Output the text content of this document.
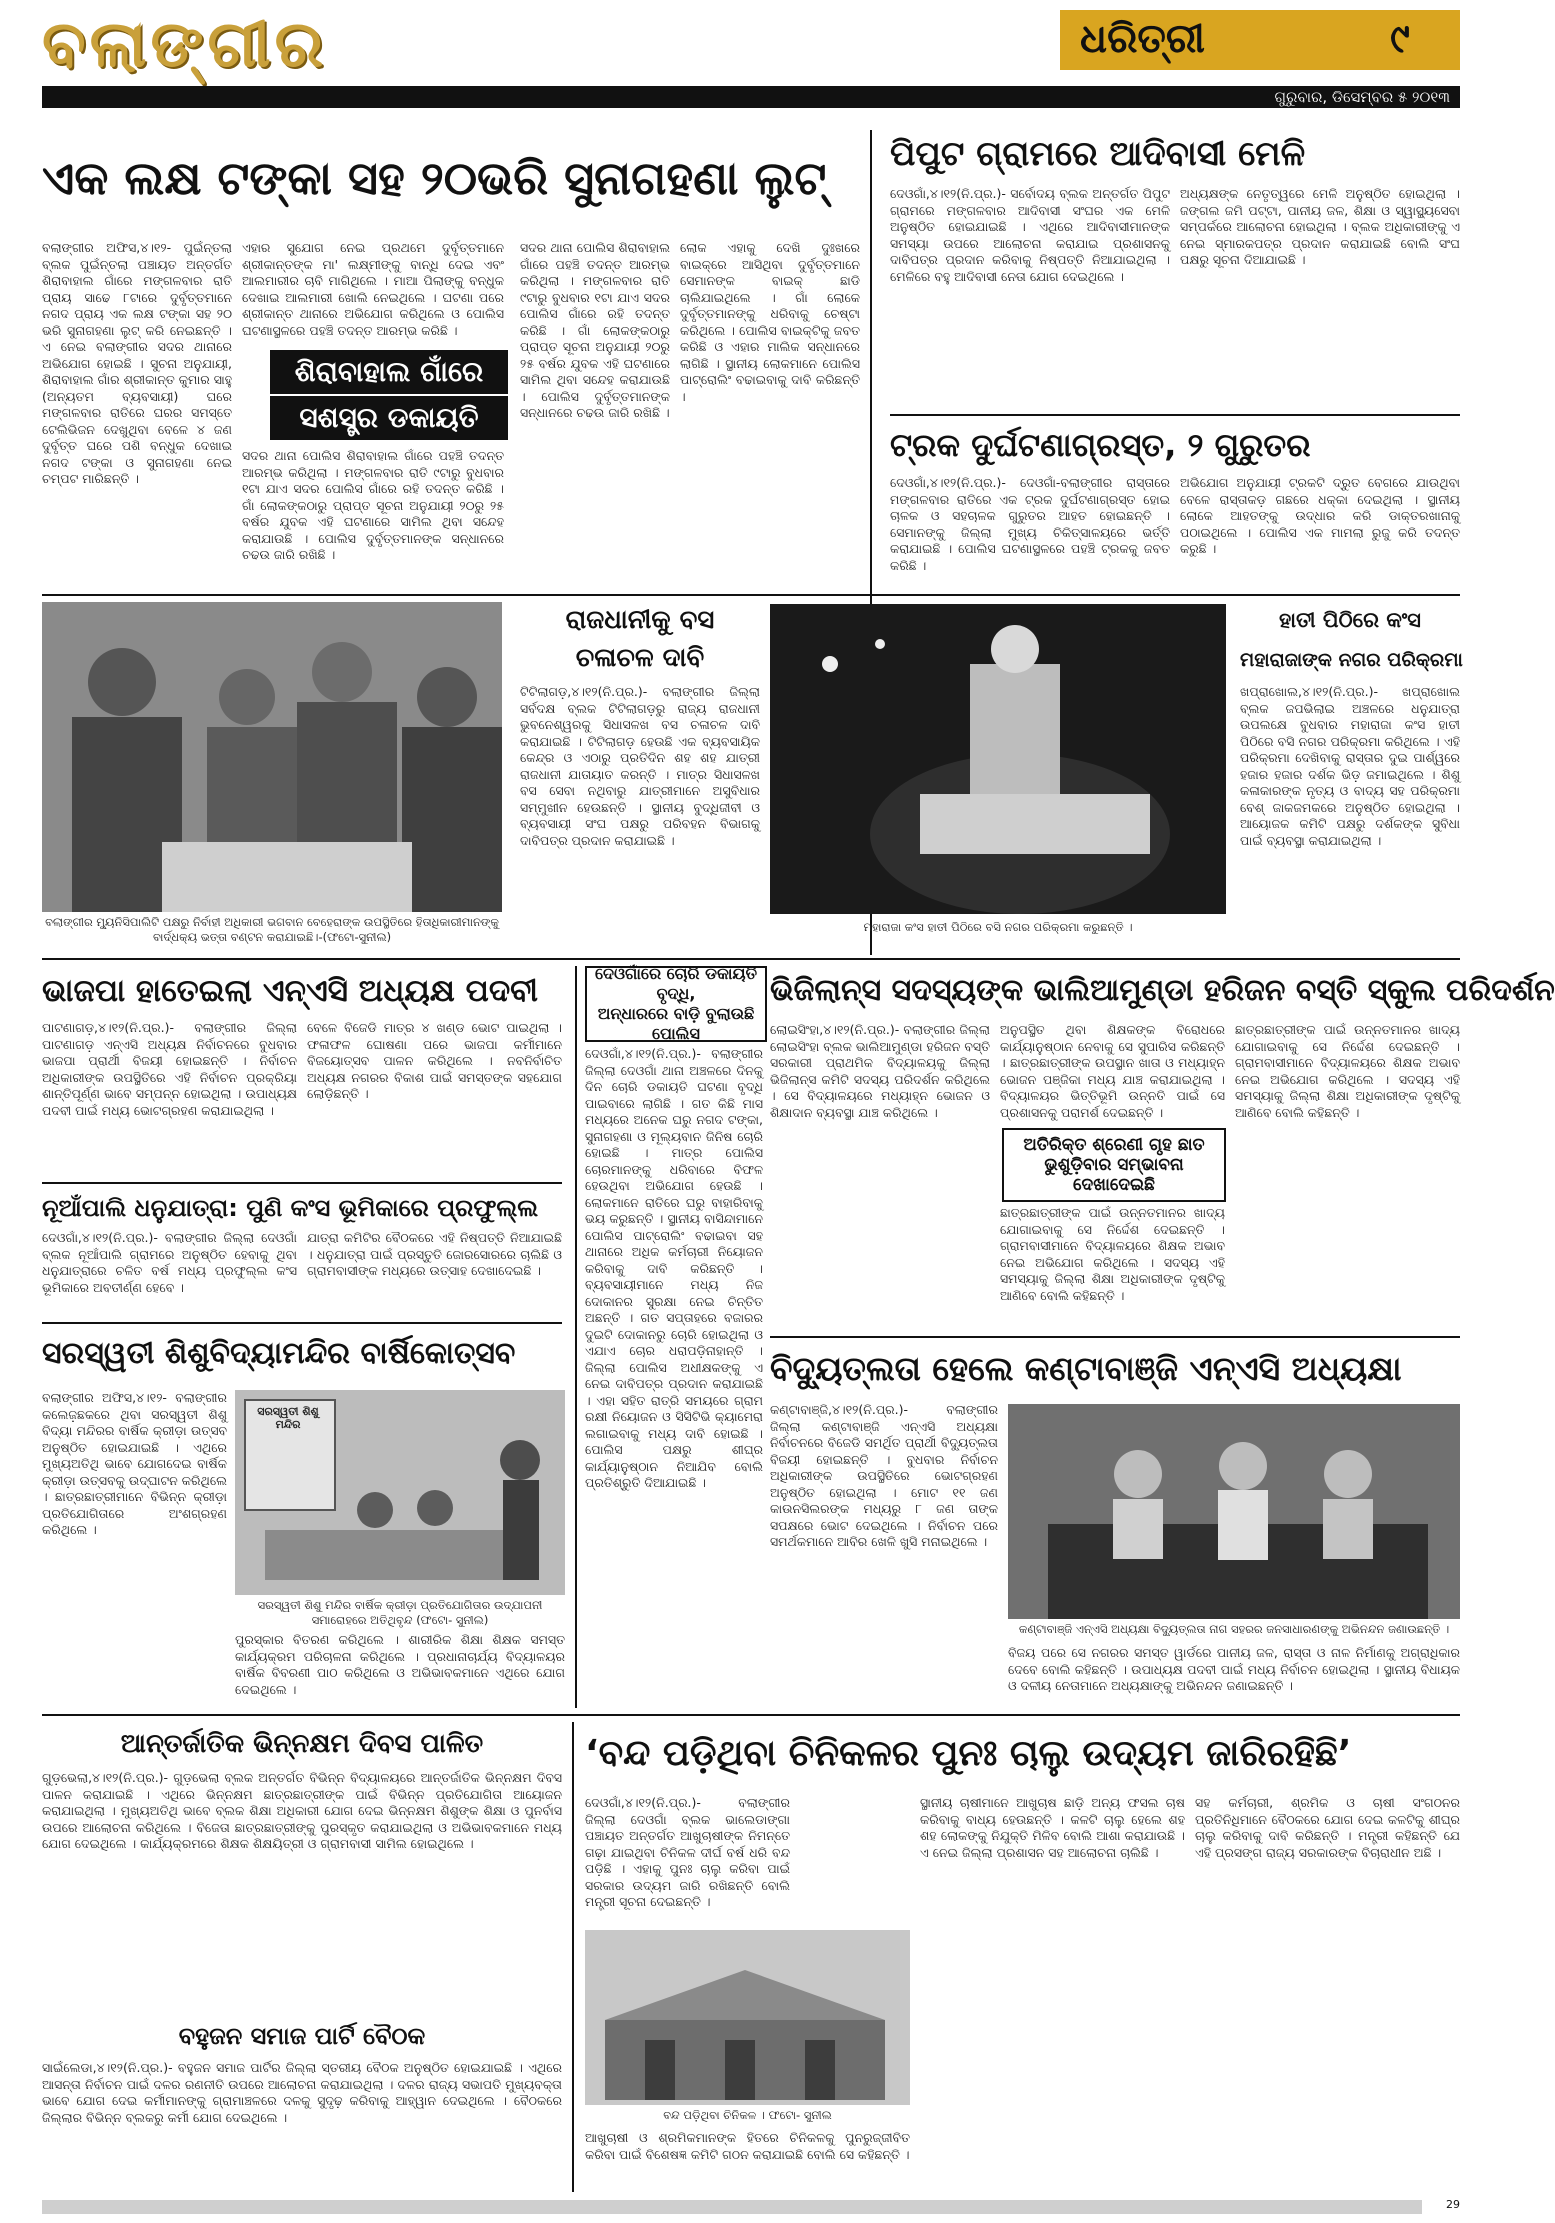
ବଲାଙ୍ଗୀର	ଧରିତ୍ରୀ	୯
ଗୁରୁବାର, ଡିସେମ୍ବର ୫ ୨୦୧୩
ଏକ ଲକ୍ଷ ଟଙ୍କା ସହ ୨୦ଭରି ସୁନାଗହଣା ଲୁଟ୍‌
ବଲାଙ୍ଗୀର ଅଫିସ,୪।୧୨- ପୁଇଁନ୍ତଲା ବ୍ଲକ ପୁଇଁନ୍ତଲା ପଞ୍ଚାୟତ ଅନ୍ତର୍ଗତ ଶିରାବାହାଲ ଗାଁରେ ମଙ୍ଗଳବାର ରାତି ପ୍ରାୟ ସାଢେ ୮ଟାରେ ଦୁର୍ବୃତ୍ତମାନେ ନଗଦ ପ୍ରାୟ ଏକ ଲକ୍ଷ ଟଙ୍କା ସହ ୨୦ ଭରି ସୁନାଗହଣା ଲୁଟ୍ କରି ନେଇଛନ୍ତି । ଏ ନେଇ ବଲାଙ୍ଗୀର ସଦର ଥାନାରେ ଅଭିଯୋଗ ହୋଇଛି । ସୁଚନା ଅନୁଯାୟୀ, ଶିରାବାହାଲ ଗାଁର ଶ୍ରୀକାନ୍ତ କୁମାର ସାହୁ (ଅନ୍ୟତମ ବ୍ୟବସାୟୀ) ଘରେ ମଙ୍ଗଳବାର ରାତିରେ ଘରର ସମସ୍ତେ ଟେଲିଭିଜନ ଦେଖୁଥିବା ବେଳେ ୪ ଜଣ ଦୁର୍ବୃତ୍ତ ଘରେ ପଶି ବନ୍ଧୁକ ଦେଖାଇ ନଗଦ ଟଙ୍କା ଓ ସୁନାଗହଣା ନେଇ ଚମ୍ପଟ ମାରିଛନ୍ତି ।
ଏହାର ସୁଯୋଗ ନେଇ ପ୍ରଥମେ ଦୁର୍ବୃତ୍ତମାନେ ଶ୍ରୀକାନ୍ତଙ୍କ ମା' ଲକ୍ଷ୍ମୀଙ୍କୁ ବାନ୍ଧି ଦେଇ ଏବଂ ଆଲମାରୀର ଚାବି ମାଗିଥିଲେ । ମାଆ ପିଲାଙ୍କୁ ବନ୍ଧୁକ ଦେଖାଇ ଆଲମାରୀ ଖୋଲି ନେଇଥିଲେ । ଘଟଣା ପରେ ଶ୍ରୀକାନ୍ତ ଥାନାରେ ଅଭିଯୋଗ କରିଥିଲେ ଓ ପୋଲିସ ଘଟଣାସ୍ଥଳରେ ପହଞ୍ଚି ତଦନ୍ତ ଆରମ୍ଭ କରିଛି ।
ଶିରାବାହାଲ ଗାଁରେ
ସଶସ୍ତ୍ର ଡକାୟତି
ସଦର ଥାନା ପୋଲିସ ଶିରାବାହାଲ ଗାଁରେ ପହଞ୍ଚି ତଦନ୍ତ ଆରମ୍ଭ କରିଥିଲା । ମଙ୍ଗଳବାର ରାତି ୯ଟାରୁ ବୁଧବାର ୧ଟା ଯାଏ ସଦର ପୋଲିସ ଗାଁରେ ରହି ତଦନ୍ତ କରିଛି । ଗାଁ ଲୋକଙ୍କଠାରୁ ପ୍ରାପ୍ତ ସୂଚନା ଅନୁଯାୟୀ ୨୦ରୁ ୨୫ ବର୍ଷର ଯୁବକ ଏହି ଘଟଣାରେ ସାମିଲ ଥିବା ସନ୍ଦେହ କରାଯାଉଛି । ପୋଲିସ ଦୁର୍ବୃତ୍ତମାନଙ୍କ ସନ୍ଧାନରେ ଚଢଉ ଜାରି ରଖିଛି ।
ସଦର ଥାନା ପୋଲିସ ଶିରାବାହାଲ ଗାଁରେ ପହଞ୍ଚି ତଦନ୍ତ ଆରମ୍ଭ କରିଥିଲା । ମଙ୍ଗଳବାର ରାତି ୯ଟାରୁ ବୁଧବାର ୧ଟା ଯାଏ ସଦର ପୋଲିସ ଗାଁରେ ରହି ତଦନ୍ତ କରିଛି । ଗାଁ ଲୋକଙ୍କଠାରୁ ପ୍ରାପ୍ତ ସୂଚନା ଅନୁଯାୟୀ ୨୦ରୁ ୨୫ ବର୍ଷର ଯୁବକ ଏହି ଘଟଣାରେ ସାମିଲ ଥିବା ସନ୍ଦେହ କରାଯାଉଛି । ପୋଲିସ ଦୁର୍ବୃତ୍ତମାନଙ୍କ ସନ୍ଧାନରେ ଚଢଉ ଜାରି ରଖିଛି ।
ଲୋକ ଏହାକୁ ଦେଖି ଦୁଃଖରେ ବାଇକ୍‌ରେ ଆସିଥିବା ଦୁର୍ବୃତ୍ତମାନେ ସେମାନଙ୍କ ବାଇକ୍ ଛାଡି ଚାଲିଯାଇଥିଲେ । ଗାଁ ଲୋକେ ଦୁର୍ବୃତ୍ତମାନଙ୍କୁ ଧରିବାକୁ ଚେଷ୍ଟା କରିଥିଲେ । ପୋଲିସ ବାଇକ୍‌ଟିକୁ ଜବତ କରିଛି ଓ ଏହାର ମାଲିକ ସନ୍ଧାନରେ ଲାଗିଛି । ସ୍ଥାନୀୟ ଲୋକମାନେ ପୋଲିସ ପାଟ୍ରୋଲିଂ ବଢାଇବାକୁ ଦାବି କରିଛନ୍ତି ।
ପିପୁଟ ଗ୍ରାମରେ ଆଦିବାସୀ ମେଳି
ଦେଓଗାଁ,୪।୧୨(ନି.ପ୍ର.)- ସର୍ବୋଦୟ ବ୍ଲକ ଅନ୍ତର୍ଗତ ପିପୁଟ ଗ୍ରାମରେ ମଙ୍ଗଳବାର ଆଦିବାସୀ ସଂଘର ଏକ ମେଳି ଅନୁଷ୍ଠିତ ହୋଇଯାଇଛି । ଏଥିରେ ଆଦିବାସୀମାନଙ୍କ ସମସ୍ୟା ଉପରେ ଆଲୋଚନା କରାଯାଇ ପ୍ରଶାସନକୁ ଦାବିପତ୍ର ପ୍ରଦାନ କରିବାକୁ ନିଷ୍ପତ୍ତି ନିଆଯାଇଥିଲା । ମେଳିରେ ବହୁ ଆଦିବାସୀ ନେତା ଯୋଗ ଦେଇଥିଲେ ।
ଅଧ୍ୟକ୍ଷଙ୍କ ନେତୃତ୍ୱରେ ମେଳି ଅନୁଷ୍ଠିତ ହୋଇଥିଲା । ଜଙ୍ଗଲ ଜମି ପଟ୍ଟା, ପାନୀୟ ଜଳ, ଶିକ୍ଷା ଓ ସ୍ୱାସ୍ଥ୍ୟସେବା ସମ୍ପର୍କରେ ଆଲୋଚନା ହୋଇଥିଲା । ବ୍ଲକ ଅଧିକାରୀଙ୍କୁ ଏ ନେଇ ସ୍ମାରକପତ୍ର ପ୍ରଦାନ କରାଯାଇଛି ବୋଲି ସଂଘ ପକ୍ଷରୁ ସୂଚନା ଦିଆଯାଇଛି ।
ଟ୍ରକ ଦୁର୍ଘଟଣାଗ୍ରସ୍ତ, ୨ ଗୁରୁତର
ଦେଓଗାଁ,୪।୧୨(ନି.ପ୍ର.)- ଦେଓଗାଁ-ବଲାଙ୍ଗୀର ରାସ୍ତାରେ ମଙ୍ଗଳବାର ରାତିରେ ଏକ ଟ୍ରକ ଦୁର୍ଘଟଣାଗ୍ରସ୍ତ ହୋଇ ଚାଳକ ଓ ସହଚାଳକ ଗୁରୁତର ଆହତ ହୋଇଛନ୍ତି । ସେମାନଙ୍କୁ ଜିଲ୍ଲା ମୁଖ୍ୟ ଚିକିତ୍ସାଳୟରେ ଭର୍ତ୍ତି କରାଯାଇଛି । ପୋଲିସ ଘଟଣାସ୍ଥଳରେ ପହଞ୍ଚି ଟ୍ରକକୁ ଜବତ କରିଛି ।
ଅଭିଯୋଗ ଅନୁଯାୟୀ ଟ୍ରକଟି ଦ୍ରୁତ ବେଗରେ ଯାଉଥିବା ବେଳେ ରାସ୍ତାକଡ଼ ଗଛରେ ଧକ୍କା ଦେଇଥିଲା । ସ୍ଥାନୀୟ ଲୋକେ ଆହତଙ୍କୁ ଉଦ୍ଧାର କରି ଡାକ୍ତରଖାନାକୁ ପଠାଇଥିଲେ । ପୋଲିସ ଏକ ମାମଲା ରୁଜୁ କରି ତଦନ୍ତ କରୁଛି ।
ବଲାଙ୍ଗୀର ମ୍ୟୁନିସିପାଲିଟି ପକ୍ଷରୁ ନିର୍ବାହୀ ଅଧିକାରୀ ଭଗବାନ ବେହେରାଙ୍କ ଉପସ୍ଥିତିରେ ହିତାଧିକାରୀମାନଙ୍କୁ ବାର୍ଦ୍ଧକ୍ୟ ଭତ୍ତା ବଣ୍ଟନ କରାଯାଇଛି।-(ଫଟୋ-ସୁନୀଲ)
ରାଜଧାନୀକୁ ବସ
ଚଳାଚଳ ଦାବି
ଟିଟିଲାଗଡ଼,୪।୧୨(ନି.ପ୍ର.)- ବଲାଙ୍ଗୀର ଜିଲ୍ଲା ସର୍ବଦକ୍ଷ ବ୍ଲକ ଟିଟିଲାଗଡ଼ରୁ ରାଜ୍ୟ ରାଜଧାନୀ ଭୁବନେଶ୍ୱରକୁ ସିଧାସଳଖ ବସ ଚଳାଚଳ ଦାବି କରାଯାଇଛି । ଟିଟିଲାଗଡ଼ ହେଉଛି ଏକ ବ୍ୟବସାୟିକ କେନ୍ଦ୍ର ଓ ଏଠାରୁ ପ୍ରତିଦିନ ଶହ ଶହ ଯାତ୍ରୀ ରାଜଧାନୀ ଯାତାୟାତ କରନ୍ତି । ମାତ୍ର ସିଧାସଳଖ ବସ ସେବା ନଥିବାରୁ ଯାତ୍ରୀମାନେ ଅସୁବିଧାର ସମ୍ମୁଖୀନ ହେଉଛନ୍ତି । ସ୍ଥାନୀୟ ବୁଦ୍ଧିଜୀବୀ ଓ ବ୍ୟବସାୟୀ ସଂଘ ପକ୍ଷରୁ ପରିବହନ ବିଭାଗକୁ ଦାବିପତ୍ର ପ୍ରଦାନ କରାଯାଇଛି ।
ମହାରାଜା କଂସ ହାତୀ ପିଠିରେ ବସି ନଗର ପରିକ୍ରମା କରୁଛନ୍ତି ।
ହାତୀ ପିଠିରେ କଂସ
ମହାରାଜାଙ୍କ ନଗର ପରିକ୍ରମା
ଖପ୍ରାଖୋଲ,୪।୧୨(ନି.ପ୍ର.)- ଖପ୍ରାଖୋଲ ବ୍ଲକ ଜପଭିଲାଇ ଅଞ୍ଚଳରେ ଧନୁଯାତ୍ରା ଉପଲକ୍ଷେ ବୁଧବାର ମହାରାଜା କଂସ ହାତୀ ପିଠିରେ ବସି ନଗର ପରିକ୍ରମା କରିଥିଲେ । ଏହି ପରିକ୍ରମା ଦେଖିବାକୁ ରାସ୍ତାର ଦୁଇ ପାର୍ଶ୍ୱରେ ହଜାର ହଜାର ଦର୍ଶକ ଭିଡ଼ ଜମାଇଥିଲେ । ଶିଶୁ କଳାକାରଙ୍କ ନୃତ୍ୟ ଓ ବାଦ୍ୟ ସହ ପରିକ୍ରମା ବେଶ୍ ଜାକଜମକରେ ଅନୁଷ୍ଠିତ ହୋଇଥିଲା । ଆୟୋଜକ କମିଟି ପକ୍ଷରୁ ଦର୍ଶକଙ୍କ ସୁବିଧା ପାଇଁ ବ୍ୟବସ୍ଥା କରାଯାଇଥିଲା ।
ଭାଜପା ହାତେଇଲା ଏନ୍‌ଏସି ଅଧ୍ୟକ୍ଷ ପଦବୀ
ପାଟଣାଗଡ଼,୪।୧୨(ନି.ପ୍ର.)- ବଲାଙ୍ଗୀର ଜିଲ୍ଲା ପାଟଣାଗଡ଼ ଏନ୍‌ଏସି ଅଧ୍ୟକ୍ଷ ନିର୍ବାଚନରେ ବୁଧବାର ଭାଜପା ପ୍ରାର୍ଥୀ ବିଜୟୀ ହୋଇଛନ୍ତି । ନିର୍ବାଚନ ଅଧିକାରୀଙ୍କ ଉପସ୍ଥିତିରେ ଏହି ନିର୍ବାଚନ ପ୍ରକ୍ରିୟା ଶାନ୍ତିପୂର୍ଣ୍ଣ ଭାବେ ସମ୍ପନ୍ନ ହୋଇଥିଲା । ଉପାଧ୍ୟକ୍ଷ ପଦବୀ ପାଇଁ ମଧ୍ୟ ଭୋଟଗ୍ରହଣ କରାଯାଇଥିଲା ।
ବେଳେ ବିଜେଡି ମାତ୍ର ୪ ଖଣ୍ଡ ଭୋଟ ପାଇଥିଲା । ଫଳାଫଳ ଘୋଷଣା ପରେ ଭାଜପା କର୍ମୀମାନେ ବିଜୟୋତ୍ସବ ପାଳନ କରିଥିଲେ । ନବନିର୍ବାଚିତ ଅଧ୍ୟକ୍ଷ ନଗରର ବିକାଶ ପାଇଁ ସମସ୍ତଙ୍କ ସହଯୋଗ ଲୋଡ଼ିଛନ୍ତି ।
ନୂଆଁପାଲି ଧନୁଯାତ୍ରା: ପୁଣି କଂସ ଭୂମିକାରେ ପ୍ରଫୁଲ୍ଲ
ଦେଓଗାଁ,୪।୧୨(ନି.ପ୍ର.)- ବଲାଙ୍ଗୀର ଜିଲ୍ଲା ଦେଓଗାଁ ବ୍ଲକ ନୂଆଁପାଲି ଗ୍ରାମରେ ଅନୁଷ୍ଠିତ ହେବାକୁ ଥିବା ଧନୁଯାତ୍ରାରେ ଚଳିତ ବର୍ଷ ମଧ୍ୟ ପ୍ରଫୁଲ୍ଲ କଂସ ଭୂମିକାରେ ଅବତୀର୍ଣ୍ଣ ହେବେ ।
ଯାତ୍ରା କମିଟିର ବୈଠକରେ ଏହି ନିଷ୍ପତ୍ତି ନିଆଯାଇଛି । ଧନୁଯାତ୍ରା ପାଇଁ ପ୍ରସ୍ତୁତି ଜୋରସୋରରେ ଚାଲିଛି ଓ ଗ୍ରାମବାସୀଙ୍କ ମଧ୍ୟରେ ଉତ୍ସାହ ଦେଖାଦେଇଛି ।
ସରସ୍ୱତୀ ଶିଶୁବିଦ୍ୟାମନ୍ଦିର ବାର୍ଷିକୋତ୍ସବ
ବଲାଙ୍ଗୀର ଅଫିସ,୪।୧୨- ବଲାଙ୍ଗୀର କଲେଜ଼ଛକରେ ଥିବା ସରସ୍ୱତୀ ଶିଶୁ ବିଦ୍ୟା ମନ୍ଦିରର ବାର୍ଷିକ କ୍ରୀଡ଼ା ଉତ୍ସବ ଅନୁଷ୍ଠିତ ହୋଇଯାଇଛି । ଏଥିରେ ମୁଖ୍ୟଅତିଥି ଭାବେ ଯୋଗଦେଇ ବାର୍ଷିକ କ୍ରୀଡ଼ା ଉତ୍ସବକୁ ଉଦ୍‌ଘାଟନ କରିଥିଲେ । ଛାତ୍ରଛାତ୍ରୀମାନେ ବିଭିନ୍ନ କ୍ରୀଡ଼ା ପ୍ରତିଯୋଗିତାରେ ଅଂଶଗ୍ରହଣ କରିଥିଲେ ।
ସରସ୍ୱତୀ ଶିଶୁ ମନ୍ଦିର
ସରସ୍ୱତୀ ଶିଶୁ ମନ୍ଦିର ବାର୍ଷିକ କ୍ରୀଡ଼ା ପ୍ରତିଯୋଗିତାର ଉଦ୍‌ଯାପନୀ ସମାରୋହରେ ଅତିଥିବୃନ୍ଦ (ଫଟୋ- ସୁନୀଲ)
ପୁରସ୍କାର ବିତରଣ କରିଥିଲେ । ଶାରୀରିକ ଶିକ୍ଷା ଶିକ୍ଷକ ସମସ୍ତ କାର୍ଯ୍ୟକ୍ରମ ପରିଚାଳନା କରିଥିଲେ । ପ୍ରଧାନାଚାର୍ଯ୍ୟ ବିଦ୍ୟାଳୟର ବାର୍ଷିକ ବିବରଣୀ ପାଠ କରିଥିଲେ ଓ ଅଭିଭାବକମାନେ ଏଥିରେ ଯୋଗ ଦେଇଥିଲେ ।
ଦେଓଗାଁରେ ଚୋରି ଡକାୟତି ବୃଦ୍ଧି,
ଅନ୍ଧାରରେ ବାଡ଼ି ବୁଲାଉଛି ପୋଲିସ
ଦେଓଗାଁ,୪।୧୨(ନି.ପ୍ର.)- ବଲାଙ୍ଗୀର ଜିଲ୍ଲା ଦେଓଗାଁ ଥାନା ଅଞ୍ଚଳରେ ଦିନକୁ ଦିନ ଚୋରି ଡକାୟତି ଘଟଣା ବୃଦ୍ଧି ପାଇବାରେ ଲାଗିଛି । ଗତ କିଛି ମାସ ମଧ୍ୟରେ ଅନେକ ଘରୁ ନଗଦ ଟଙ୍କା, ସୁନାଗହଣା ଓ ମୂଲ୍ୟବାନ ଜିନିଷ ଚୋରି ହୋଇଛି । ମାତ୍ର ପୋଲିସ ଚୋରମାନଙ୍କୁ ଧରିବାରେ ବିଫଳ ହେଉଥିବା ଅଭିଯୋଗ ହେଉଛି । ଲୋକମାନେ ରାତିରେ ଘରୁ ବାହାରିବାକୁ ଭୟ କରୁଛନ୍ତି । ସ୍ଥାନୀୟ ବାସିନ୍ଦାମାନେ ପୋଲିସ ପାଟ୍ରୋଲିଂ ବଢାଇବା ସହ ଥାନାରେ ଅଧିକ କର୍ମଚାରୀ ନିୟୋଜନ କରିବାକୁ ଦାବି କରିଛନ୍ତି । ବ୍ୟବସାୟୀମାନେ ମଧ୍ୟ ନିଜ ଦୋକାନର ସୁରକ୍ଷା ନେଇ ଚିନ୍ତିତ ଅଛନ୍ତି । ଗତ ସପ୍ତାହରେ ବଜାରର ଦୁଇଟି ଦୋକାନରୁ ଚୋରି ହୋଇଥିଲା ଓ ଏଯାଏ ଚୋର ଧରାପଡ଼ିନାହାନ୍ତି । ଜିଲ୍ଲା ପୋଲିସ ଅଧୀକ୍ଷକଙ୍କୁ ଏ ନେଇ ଦାବିପତ୍ର ପ୍ରଦାନ କରାଯାଇଛି । ଏହା ସହିତ ରାତ୍ରି ସମୟରେ ଗ୍ରାମ ରକ୍ଷୀ ନିୟୋଜନ ଓ ସିସିଟିଭି କ୍ୟାମେରା ଲଗାଇବାକୁ ମଧ୍ୟ ଦାବି ହୋଇଛି । ପୋଲିସ ପକ୍ଷରୁ ଶୀଘ୍ର କାର୍ଯ୍ୟାନୁଷ୍ଠାନ ନିଆଯିବ ବୋଲି ପ୍ରତିଶ୍ରୁତି ଦିଆଯାଇଛି ।
ଭିଜିଲାନ୍ସ ସଦସ୍ୟଙ୍କ ଭାଲିଆମୁଣ୍ଡା ହରିଜନ ବସ୍ତି ସ୍କୁଲ ପରିଦର୍ଶନ
ଲୋଇସିଂହା,୪।୧୨(ନି.ପ୍ର.)- ବଲାଙ୍ଗୀର ଜିଲ୍ଲା ଲୋଇସିଂହା ବ୍ଲକ ଭାଲିଆମୁଣ୍ଡା ହରିଜନ ବସ୍ତି ସରକାରୀ ପ୍ରାଥମିକ ବିଦ୍ୟାଳୟକୁ ଜିଲ୍ଲା ଭିଜିଲାନ୍ସ କମିଟି ସଦସ୍ୟ ପରିଦର୍ଶନ କରିଥିଲେ । ସେ ବିଦ୍ୟାଳୟରେ ମଧ୍ୟାହ୍ନ ଭୋଜନ ଓ ଶିକ୍ଷାଦାନ ବ୍ୟବସ୍ଥା ଯାଞ୍ଚ କରିଥିଲେ ।
ଅନୁପସ୍ଥିତ ଥିବା ଶିକ୍ଷକଙ୍କ ବିରୋଧରେ କାର୍ଯ୍ୟାନୁଷ୍ଠାନ ନେବାକୁ ସେ ସୁପାରିସ କରିଛନ୍ତି । ଛାତ୍ରଛାତ୍ରୀଙ୍କ ଉପସ୍ଥାନ ଖାତା ଓ ମଧ୍ୟାହ୍ନ ଭୋଜନ ପଞ୍ଜିକା ମଧ୍ୟ ଯାଞ୍ଚ କରାଯାଇଥିଲା । ବିଦ୍ୟାଳୟର ଭିତ୍ତିଭୂମି ଉନ୍ନତି ପାଇଁ ସେ ପ୍ରଶାସନକୁ ପରାମର୍ଶ ଦେଇଛନ୍ତି ।
ଅତିରିକ୍ତ ଶ୍ରେଣୀ ଗୃହ ଛାତ
ଭୁଶୁଡ଼ିବାର ସମ୍ଭାବନା ଦେଖାଦେଇଛି
ଛାତ୍ରଛାତ୍ରୀଙ୍କ ପାଇଁ ଉନ୍ନତମାନର ଖାଦ୍ୟ ଯୋଗାଇବାକୁ ସେ ନିର୍ଦ୍ଦେଶ ଦେଇଛନ୍ତି । ଗ୍ରାମବାସୀମାନେ ବିଦ୍ୟାଳୟରେ ଶିକ୍ଷକ ଅଭାବ ନେଇ ଅଭିଯୋଗ କରିଥିଲେ । ସଦସ୍ୟ ଏହି ସମସ୍ୟାକୁ ଜିଲ୍ଲା ଶିକ୍ଷା ଅଧିକାରୀଙ୍କ ଦୃଷ୍ଟିକୁ ଆଣିବେ ବୋଲି କହିଛନ୍ତି ।
ଛାତ୍ରଛାତ୍ରୀଙ୍କ ପାଇଁ ଉନ୍ନତମାନର ଖାଦ୍ୟ ଯୋଗାଇବାକୁ ସେ ନିର୍ଦ୍ଦେଶ ଦେଇଛନ୍ତି । ଗ୍ରାମବାସୀମାନେ ବିଦ୍ୟାଳୟରେ ଶିକ୍ଷକ ଅଭାବ ନେଇ ଅଭିଯୋଗ କରିଥିଲେ । ସଦସ୍ୟ ଏହି ସମସ୍ୟାକୁ ଜିଲ୍ଲା ଶିକ୍ଷା ଅଧିକାରୀଙ୍କ ଦୃଷ୍ଟିକୁ ଆଣିବେ ବୋଲି କହିଛନ୍ତି ।
ବିଦ୍ୟୁତ୍‌ଲତା ହେଲେ କଣ୍ଟାବାଞ୍ଜି ଏନ୍‌ଏସି ଅଧ୍ୟକ୍ଷା
କଣ୍ଟାବାଞ୍ଜି,୪।୧୨(ନି.ପ୍ର.)- ବଲାଙ୍ଗୀର ଜିଲ୍ଲା କଣ୍ଟାବାଞ୍ଜି ଏନ୍‌ଏସି ଅଧ୍ୟକ୍ଷା ନିର୍ବାଚନରେ ବିଜେଡି ସମର୍ଥିତ ପ୍ରାର୍ଥୀ ବିଦ୍ୟୁତ୍‌ଲତା ବିଜୟୀ ହୋଇଛନ୍ତି । ବୁଧବାର ନିର୍ବାଚନ ଅଧିକାରୀଙ୍କ ଉପସ୍ଥିତିରେ ଭୋଟଗ୍ରହଣ ଅନୁଷ୍ଠିତ ହୋଇଥିଲା । ମୋଟ ୧୧ ଜଣ କାଉନସିଲରଙ୍କ ମଧ୍ୟରୁ ୮ ଜଣ ତାଙ୍କ ସପକ୍ଷରେ ଭୋଟ ଦେଇଥିଲେ । ନିର୍ବାଚନ ପରେ ସମର୍ଥକମାନେ ଆବିର ଖେଳି ଖୁସି ମନାଇଥିଲେ ।
କଣ୍ଟାବାଞ୍ଜି ଏନ୍‌ଏସି ଅଧ୍ୟକ୍ଷା ବିଦ୍ୟୁତ୍‌ଲତା ନାଗ ସହରର ଜନସାଧାରଣଙ୍କୁ ଅଭିନନ୍ଦନ ଜଣାଉଛନ୍ତି ।
ବିଜୟ ପରେ ସେ ନଗରର ସମସ୍ତ ୱାର୍ଡରେ ପାନୀୟ ଜଳ, ରାସ୍ତା ଓ ନାଳ ନିର୍ମାଣକୁ ଅଗ୍ରାଧିକାର ଦେବେ ବୋଲି କହିଛନ୍ତି । ଉପାଧ୍ୟକ୍ଷ ପଦବୀ ପାଇଁ ମଧ୍ୟ ନିର୍ବାଚନ ହୋଇଥିଲା । ସ୍ଥାନୀୟ ବିଧାୟକ ଓ ଦଳୀୟ ନେତାମାନେ ଅଧ୍ୟକ୍ଷାଙ୍କୁ ଅଭିନନ୍ଦନ ଜଣାଇଛନ୍ତି ।
ଆନ୍ତର୍ଜାତିକ ଭିନ୍ନକ୍ଷମ ଦିବସ ପାଳିତ
ଗୁଡ଼ଭେଲା,୪।୧୨(ନି.ପ୍ର.)- ଗୁଡ଼ଭେଲା ବ୍ଲକ ଅନ୍ତର୍ଗତ ବିଭିନ୍ନ ବିଦ୍ୟାଳୟରେ ଆନ୍ତର୍ଜାତିକ ଭିନ୍ନକ୍ଷମ ଦିବସ ପାଳନ କରାଯାଇଛି । ଏଥିରେ ଭିନ୍ନକ୍ଷମ ଛାତ୍ରଛାତ୍ରୀଙ୍କ ପାଇଁ ବିଭିନ୍ନ ପ୍ରତିଯୋଗିତା ଆୟୋଜନ କରାଯାଇଥିଲା । ମୁଖ୍ୟଅତିଥି ଭାବେ ବ୍ଲକ ଶିକ୍ଷା ଅଧିକାରୀ ଯୋଗ ଦେଇ ଭିନ୍ନକ୍ଷମ ଶିଶୁଙ୍କ ଶିକ୍ଷା ଓ ପୁନର୍ବାସ ଉପରେ ଆଲୋଚନା କରିଥିଲେ । ବିଜେତା ଛାତ୍ରଛାତ୍ରୀଙ୍କୁ ପୁରସ୍କୃତ କରାଯାଇଥିଲା ଓ ଅଭିଭାବକମାନେ ମଧ୍ୟ ଯୋଗ ଦେଇଥିଲେ । କାର୍ଯ୍ୟକ୍ରମରେ ଶିକ୍ଷକ ଶିକ୍ଷୟିତ୍ରୀ ଓ ଗ୍ରାମବାସୀ ସାମିଲ ହୋଇଥିଲେ ।
ବହୁଜନ ସମାଜ ପାର୍ଟି ବୈଠକ
ସାଇଁଲେଡା,୪।୧୨(ନି.ପ୍ର.)- ବହୁଜନ ସମାଜ ପାର୍ଟିର ଜିଲ୍ଲା ସ୍ତରୀୟ ବୈଠକ ଅନୁଷ୍ଠିତ ହୋଇଯାଇଛି । ଏଥିରେ ଆସନ୍ତା ନିର୍ବାଚନ ପାଇଁ ଦଳର ରଣନୀତି ଉପରେ ଆଲୋଚନା କରାଯାଇଥିଲା । ଦଳର ରାଜ୍ୟ ସଭାପତି ମୁଖ୍ୟବକ୍ତା ଭାବେ ଯୋଗ ଦେଇ କର୍ମୀମାନଙ୍କୁ ଗ୍ରାମାଞ୍ଚଳରେ ଦଳକୁ ସୁଦୃଢ଼ କରିବାକୁ ଆହ୍ୱାନ ଦେଇଥିଲେ । ବୈଠକରେ ଜିଲ୍ଲାର ବିଭିନ୍ନ ବ୍ଲକରୁ କର୍ମୀ ଯୋଗ ଦେଇଥିଲେ ।
‘ବନ୍ଦ ପଡ଼ିଥିବା ଚିନିକଳର ପୁନଃ ଚାଲୁ ଉଦ୍ୟମ ଜାରିରହିଛି’
ଦେଓଗାଁ,୪।୧୨(ନି.ପ୍ର.)- ବଲାଙ୍ଗୀର ଜିଲ୍ଲା ଦେଓଗାଁ ବ୍ଲକ ଭାଲେଡାଙ୍ଗା ପଞ୍ଚାୟତ ଅନ୍ତର୍ଗତ ଆଖୁଚାଷୀଙ୍କ ନିମନ୍ତେ ଗଢ଼ା ଯାଇଥିବା ଚିନିକଳ ଦୀର୍ଘ ବର୍ଷ ଧରି ବନ୍ଦ ପଡ଼ିଛି । ଏହାକୁ ପୁନଃ ଚାଲୁ କରିବା ପାଇଁ ସରକାର ଉଦ୍ୟମ ଜାରି ରଖିଛନ୍ତି ବୋଲି ମନ୍ତ୍ରୀ ସୂଚନା ଦେଇଛନ୍ତି ।
ବନ୍ଦ ପଡ଼ିଥିବା ଚିନିକଳ । ଫଟୋ- ସୁନୀଲ
ଆଖୁଚାଷୀ ଓ ଶ୍ରମିକମାନଙ୍କ ହିତରେ ଚିନିକଳକୁ ପୁନରୁଜ୍ଜୀବିତ କରିବା ପାଇଁ ବିଶେଷଜ୍ଞ କମିଟି ଗଠନ କରାଯାଇଛି ବୋଲି ସେ କହିଛନ୍ତି ।
ସ୍ଥାନୀୟ ଚାଷୀମାନେ ଆଖୁଚାଷ ଛାଡ଼ି ଅନ୍ୟ ଫସଲ ଚାଷ କରିବାକୁ ବାଧ୍ୟ ହେଉଛନ୍ତି । କଳଟି ଚାଲୁ ହେଲେ ଶହ ଶହ ଲୋକଙ୍କୁ ନିଯୁକ୍ତି ମିଳିବ ବୋଲି ଆଶା କରାଯାଉଛି । ଏ ନେଇ ଜିଲ୍ଲା ପ୍ରଶାସନ ସହ ଆଲୋଚନା ଚାଲିଛି ।
ସହ କର୍ମଚାରୀ, ଶ୍ରମିକ ଓ ଚାଷୀ ସଂଗଠନର ପ୍ରତିନିଧିମାନେ ବୈଠକରେ ଯୋଗ ଦେଇ କଳଟିକୁ ଶୀଘ୍ର ଚାଲୁ କରିବାକୁ ଦାବି କରିଛନ୍ତି । ମନ୍ତ୍ରୀ କହିଛନ୍ତି ଯେ ଏହି ପ୍ରସଙ୍ଗ ରାଜ୍ୟ ସରକାରଙ୍କ ବିଚାରାଧୀନ ଅଛି ।
29
